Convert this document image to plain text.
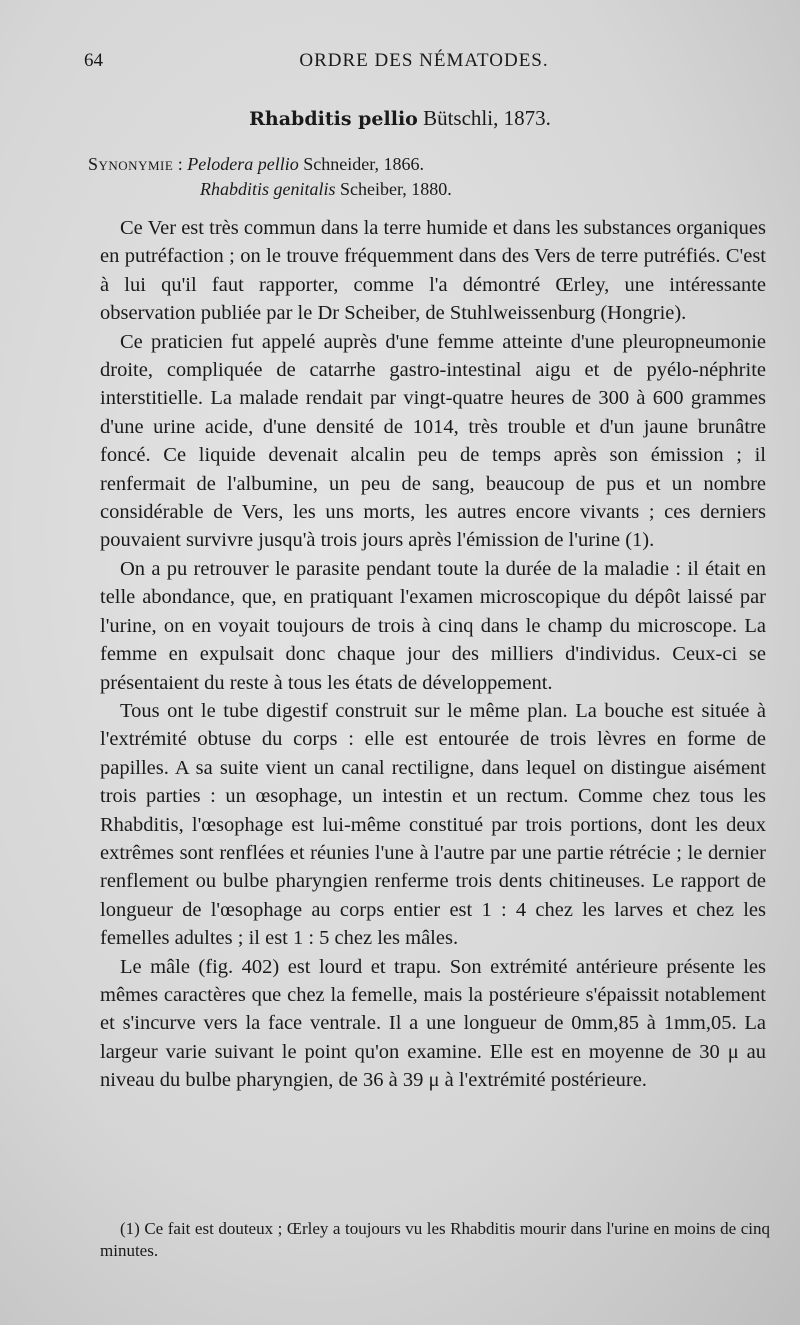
64	ORDRE DES NÉMATODES.
Rhabditis pellio Bütschli, 1873.
Synonymie : Pelodera pellio Schneider, 1866.
Rhabditis genitalis Scheiber, 1880.

Ce Ver est très commun dans la terre humide et dans les substances organiques en putréfaction ; on le trouve fréquemment dans des Vers de terre putréfiés. C'est à lui qu'il faut rapporter, comme l'a démontré Œrley, une intéressante observation publiée par le Dr Scheiber, de Stuhlweissenburg (Hongrie).

Ce praticien fut appelé auprès d'une femme atteinte d'une pleuropneumonie droite, compliquée de catarrhe gastro-intestinal aigu et de pyélo-néphrite interstitielle. La malade rendait par vingt-quatre heures de 300 à 600 grammes d'une urine acide, d'une densité de 1014, très trouble et d'un jaune brunâtre foncé. Ce liquide devenait alcalin peu de temps après son émission ; il renfermait de l'albumine, un peu de sang, beaucoup de pus et un nombre considérable de Vers, les uns morts, les autres encore vivants ; ces derniers pouvaient survivre jusqu'à trois jours après l'émission de l'urine (1).

On a pu retrouver le parasite pendant toute la durée de la maladie : il était en telle abondance, que, en pratiquant l'examen microscopique du dépôt laissé par l'urine, on en voyait toujours de trois à cinq dans le champ du microscope. La femme en expulsait donc chaque jour des milliers d'individus. Ceux-ci se présentaient du reste à tous les états de développement.

Tous ont le tube digestif construit sur le même plan. La bouche est située à l'extrémité obtuse du corps : elle est entourée de trois lèvres en forme de papilles. A sa suite vient un canal rectiligne, dans lequel on distingue aisément trois parties : un œsophage, un intestin et un rectum. Comme chez tous les Rhabditis, l'œsophage est lui-même constitué par trois portions, dont les deux extrêmes sont renflées et réunies l'une à l'autre par une partie rétrécie ; le dernier renflement ou bulbe pharyngien renferme trois dents chitineuses. Le rapport de longueur de l'œsophage au corps entier est 1 : 4 chez les larves et chez les femelles adultes ; il est 1 : 5 chez les mâles.

Le mâle (fig. 402) est lourd et trapu. Son extrémité antérieure présente les mêmes caractères que chez la femelle, mais la postérieure s'épaissit notablement et s'incurve vers la face ventrale. Il a une longueur de 0mm,85 à 1mm,05. La largeur varie suivant le point qu'on examine. Elle est en moyenne de 30 μ au niveau du bulbe pharyngien, de 36 à 39 μ à l'extrémité postérieure.

(1) Ce fait est douteux ; Œrley a toujours vu les Rhabditis mourir dans l'urine en moins de cinq minutes.
